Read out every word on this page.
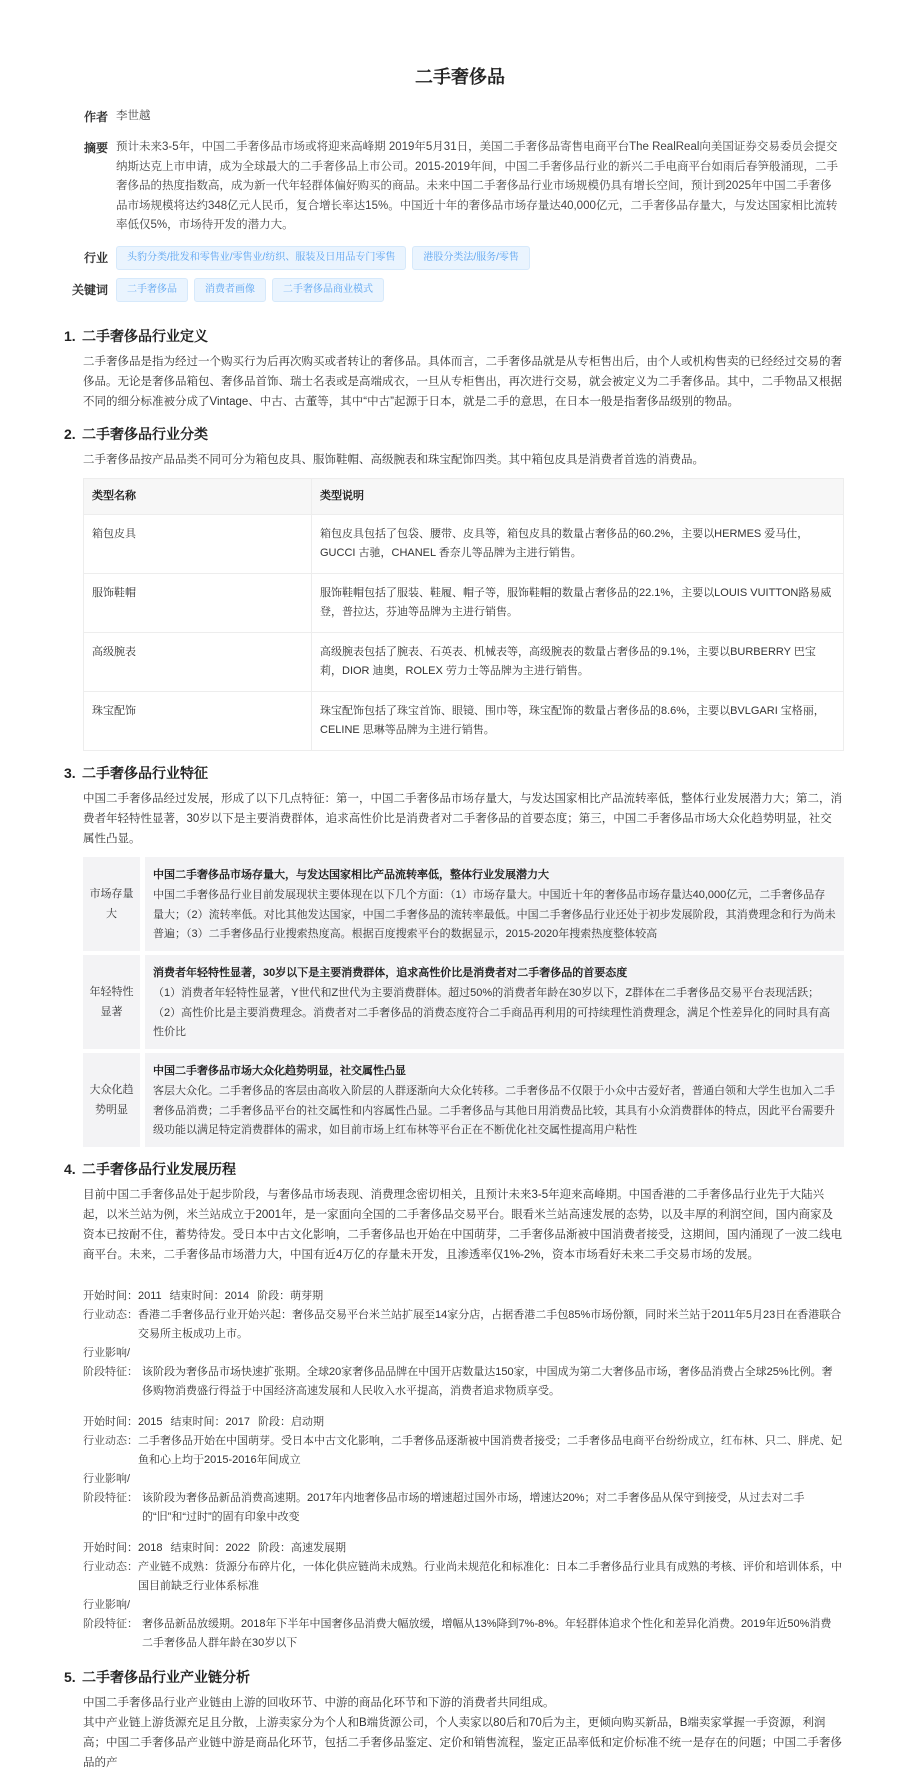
二手奢侈品
作者 李世越
摘要 预计未来3-5年，中国二手奢侈品市场或将迎来高峰期 2019年5月31日，美国二手奢侈品寄售电商平台The RealReal向美国证券交易委员会提交纳斯达克上市申请，成为全球最大的二手奢侈品上市公司。2015-2019年间，中国二手奢侈品行业的新兴二手电商平台如雨后春笋般涌现，二手奢侈品的热度指数高，成为新一代年轻群体偏好购买的商品。未来中国二手奢侈品行业市场规模仍具有增长空间，预计到2025年中国二手奢侈品市场规模将达约348亿元人民币，复合增长率达15%。中国近十年的奢侈品市场存量达40,000亿元，二手奢侈品存量大，与发达国家相比流转率低仅5%，市场待开发的潜力大。
行业	头豹分类/批发和零售业/零售业/纺织、服装及日用品专门零售	港股分类法/服务/零售
关键词	二手奢侈品	消费者画像	二手奢侈品商业模式
1. 二手奢侈品行业定义

二手奢侈品是指为经过一个购买行为后再次购买或者转让的奢侈品。具体而言，二手奢侈品就是从专柜售出后，由个人或机构售卖的已经经过交易的奢侈品。无论是奢侈品箱包、奢侈品首饰、瑞士名表或是高端成衣，一旦从专柜售出，再次进行交易，就会被定义为二手奢侈品。其中，二手物品又根据不同的细分标准被分成了Vintage、中古、古董等，其中“中古”起源于日本，就是二手的意思，在日本一般是指奢侈品级别的物品。

2. 二手奢侈品行业分类

二手奢侈品按产品品类不同可分为箱包皮具、服饰鞋帽、高级腕表和珠宝配饰四类。其中箱包皮具是消费者首选的消费品。

类型名称	类型说明
箱包皮具	箱包皮具包括了包袋、腰带、皮具等，箱包皮具的数量占奢侈品的60.2%，主要以HERMES 爱马仕，GUCCI 古驰，CHANEL 香奈儿等品牌为主进行销售。
服饰鞋帽	服饰鞋帽包括了服装、鞋履、帽子等，服饰鞋帽的数量占奢侈品的22.1%，主要以LOUIS VUITTON路易威登，普拉达，芬迪等品牌为主进行销售。
高级腕表	高级腕表包括了腕表、石英表、机械表等，高级腕表的数量占奢侈品的9.1%，主要以BURBERRY 巴宝莉，DIOR 迪奥，ROLEX 劳力士等品牌为主进行销售。
珠宝配饰	珠宝配饰包括了珠宝首饰、眼镜、围巾等，珠宝配饰的数量占奢侈品的8.6%，主要以BVLGARI 宝格丽，CELINE 思琳等品牌为主进行销售。
3. 二手奢侈品行业特征

中国二手奢侈品经过发展，形成了以下几点特征：第一，中国二手奢侈品市场存量大，与发达国家相比产品流转率低，整体行业发展潜力大；第二，消费者年轻特性显著，30岁以下是主要消费群体，追求高性价比是消费者对二手奢侈品的首要态度；第三，中国二手奢侈品市场大众化趋势明显，社交属性凸显。

市场存量大
中国二手奢侈品市场存量大，与发达国家相比产品流转率低，整体行业发展潜力大
中国二手奢侈品行业目前发展现状主要体现在以下几个方面：（1）市场存量大。中国近十年的奢侈品市场存量达40,000亿元，二手奢侈品存量大；（2）流转率低。对比其他发达国家，中国二手奢侈品的流转率最低。中国二手奢侈品行业还处于初步发展阶段，其消费理念和行为尚未普遍；（3）二手奢侈品行业搜索热度高。根据百度搜索平台的数据显示，2015-2020年搜索热度整体较高
年轻特性显著
消费者年轻特性显著，30岁以下是主要消费群体，追求高性价比是消费者对二手奢侈品的首要态度
（1）消费者年轻特性显著，Y世代和Z世代为主要消费群体。超过50%的消费者年龄在30岁以下，Z群体在二手奢侈品交易平台表现活跃；（2）高性价比是主要消费理念。消费者对二手奢侈品的消费态度符合二手商品再利用的可持续理性消费理念，满足个性差异化的同时具有高性价比
大众化趋势明显
中国二手奢侈品市场大众化趋势明显，社交属性凸显
客层大众化。二手奢侈品的客层由高收入阶层的人群逐渐向大众化转移。二手奢侈品不仅限于小众中古爱好者，普通白领和大学生也加入二手奢侈品消费；二手奢侈品平台的社交属性和内容属性凸显。二手奢侈品与其他日用消费品比较，其具有小众消费群体的特点，因此平台需要升级功能以满足特定消费群体的需求，如目前市场上红布林等平台正在不断优化社交属性提高用户粘性
4. 二手奢侈品行业发展历程

目前中国二手奢侈品处于起步阶段，与奢侈品市场表现、消费理念密切相关，且预计未来3-5年迎来高峰期。中国香港的二手奢侈品行业先于大陆兴起，以米兰站为例，米兰站成立于2001年，是一家面向全国的二手奢侈品交易平台。眼看米兰站高速发展的态势，以及丰厚的利润空间，国内商家及资本已按耐不住，蓄势待发。受日本中古文化影响，二手奢侈品也开始在中国萌芽，二手奢侈品渐被中国消费者接受，这期间，国内涌现了一波二线电商平台。未来，二手奢侈品市场潜力大，中国有近4万亿的存量未开发，且渗透率仅1%-2%，资本市场看好未来二手交易市场的发展。

开始时间： 2011 结束时间： 2014 阶段： 萌芽期
行业动态： 香港二手奢侈品行业开始兴起：奢侈品交易平台米兰站扩展至14家分店，占据香港二手包85%市场份额，同时米兰站于2011年5月23日在香港联合交易所主板成功上市。
行业影响/
阶段特征： 该阶段为奢侈品市场快速扩张期。全球20家奢侈品品牌在中国开店数量达150家，中国成为第二大奢侈品市场，奢侈品消费占全球25%比例。奢侈购物消费盛行得益于中国经济高速发展和人民收入水平提高，消费者追求物质享受。
开始时间： 2015 结束时间： 2017 阶段： 启动期
行业动态： 二手奢侈品开始在中国萌芽。受日本中古文化影响，二手奢侈品逐渐被中国消费者接受；二手奢侈品电商平台纷纷成立，红布林、只二、胖虎、妃鱼和心上均于2015-2016年间成立
行业影响/
阶段特征： 该阶段为奢侈品新品消费高速期。2017年内地奢侈品市场的增速超过国外市场，增速达20%；对二手奢侈品从保守到接受，从过去对二手的“旧”和“过时”的固有印象中改变
开始时间： 2018 结束时间： 2022 阶段： 高速发展期
行业动态： 产业链不成熟：货源分布碎片化，一体化供应链尚未成熟。行业尚未规范化和标准化：日本二手奢侈品行业具有成熟的考核、评价和培训体系，中国目前缺乏行业体系标准
行业影响/
阶段特征： 奢侈品新品放缓期。2018年下半年中国奢侈品消费大幅放缓，增幅从13%降到7%-8%。年轻群体追求个性化和差异化消费。2019年近50%消费二手奢侈品人群年龄在30岁以下
5. 二手奢侈品行业产业链分析

中国二手奢侈品行业产业链由上游的回收环节、中游的商品化环节和下游的消费者共同组成。

其中产业链上游货源充足且分散，上游卖家分为个人和B端货源公司，个人卖家以80后和70后为主，更倾向购买新品，B端卖家掌握一手资源，利润高；中国二手奢侈品产业链中游是商品化环节，包括二手奢侈品鉴定、定价和销售流程，鉴定正品率低和定价标准不统一是存在的问题；中国二手奢侈品的产
